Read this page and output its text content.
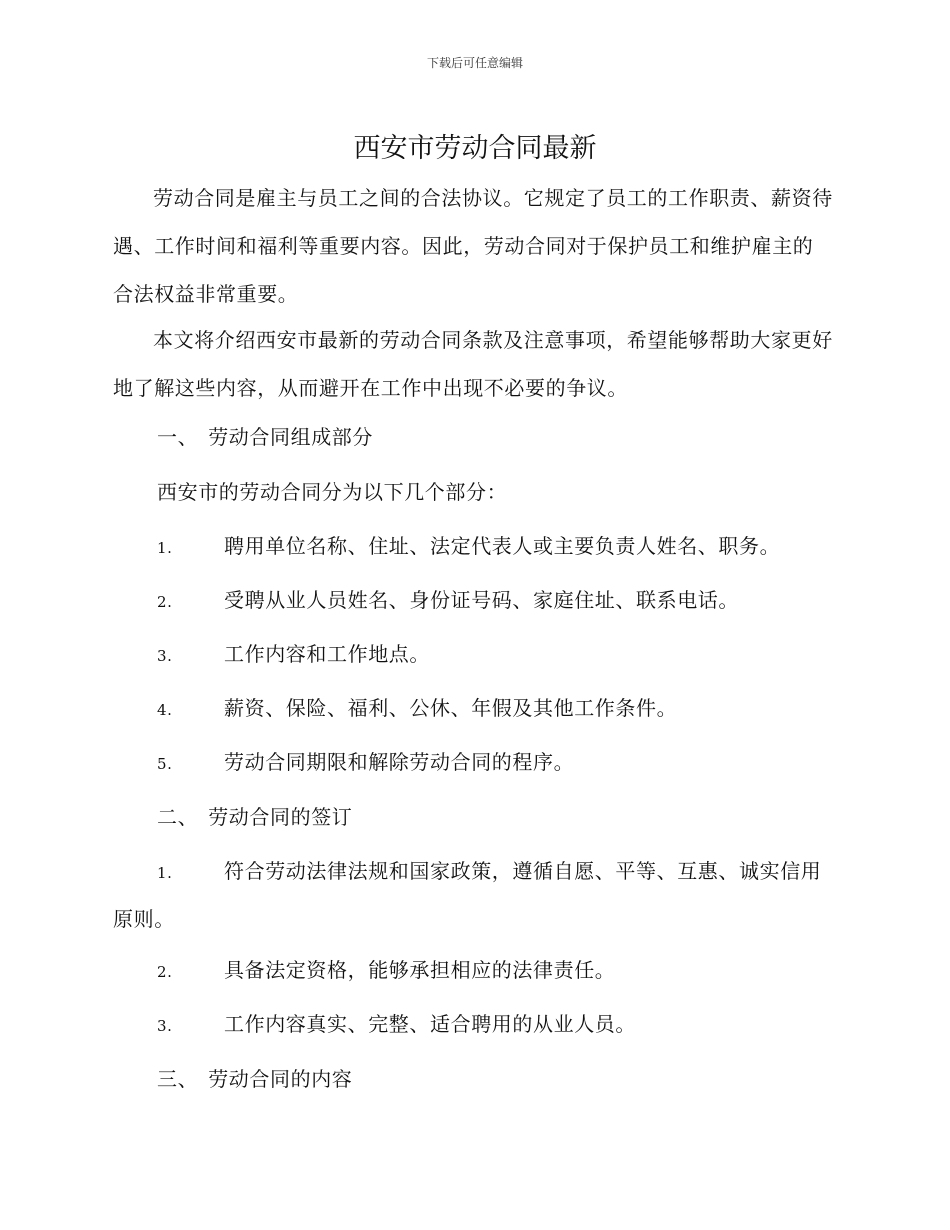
下载后可任意编辑
西安市劳动合同最新

劳动合同是雇主与员工之间的合法协议。它规定了员工的工作职责、薪资待遇、工作时间和福利等重要内容。因此，劳动合同对于保护员工和维护雇主的合法权益非常重要。

本文将介绍西安市最新的劳动合同条款及注意事项，希望能够帮助大家更好地了解这些内容，从而避开在工作中出现不必要的争议。

一、 劳动合同组成部分
西安市的劳动合同分为以下几个部分：
1.	聘用单位名称、住址、法定代表人或主要负责人姓名、职务。
2.	受聘从业人员姓名、身份证号码、家庭住址、联系电话。
3.	工作内容和工作地点。
4.	薪资、保险、福利、公休、年假及其他工作条件。
5.	劳动合同期限和解除劳动合同的程序。
二、 劳动合同的签订
1.	符合劳动法律法规和国家政策，遵循自愿、平等、互惠、诚实信用原则。
2.	具备法定资格，能够承担相应的法律责任。
3.	工作内容真实、完整、适合聘用的从业人员。
三、 劳动合同的内容
